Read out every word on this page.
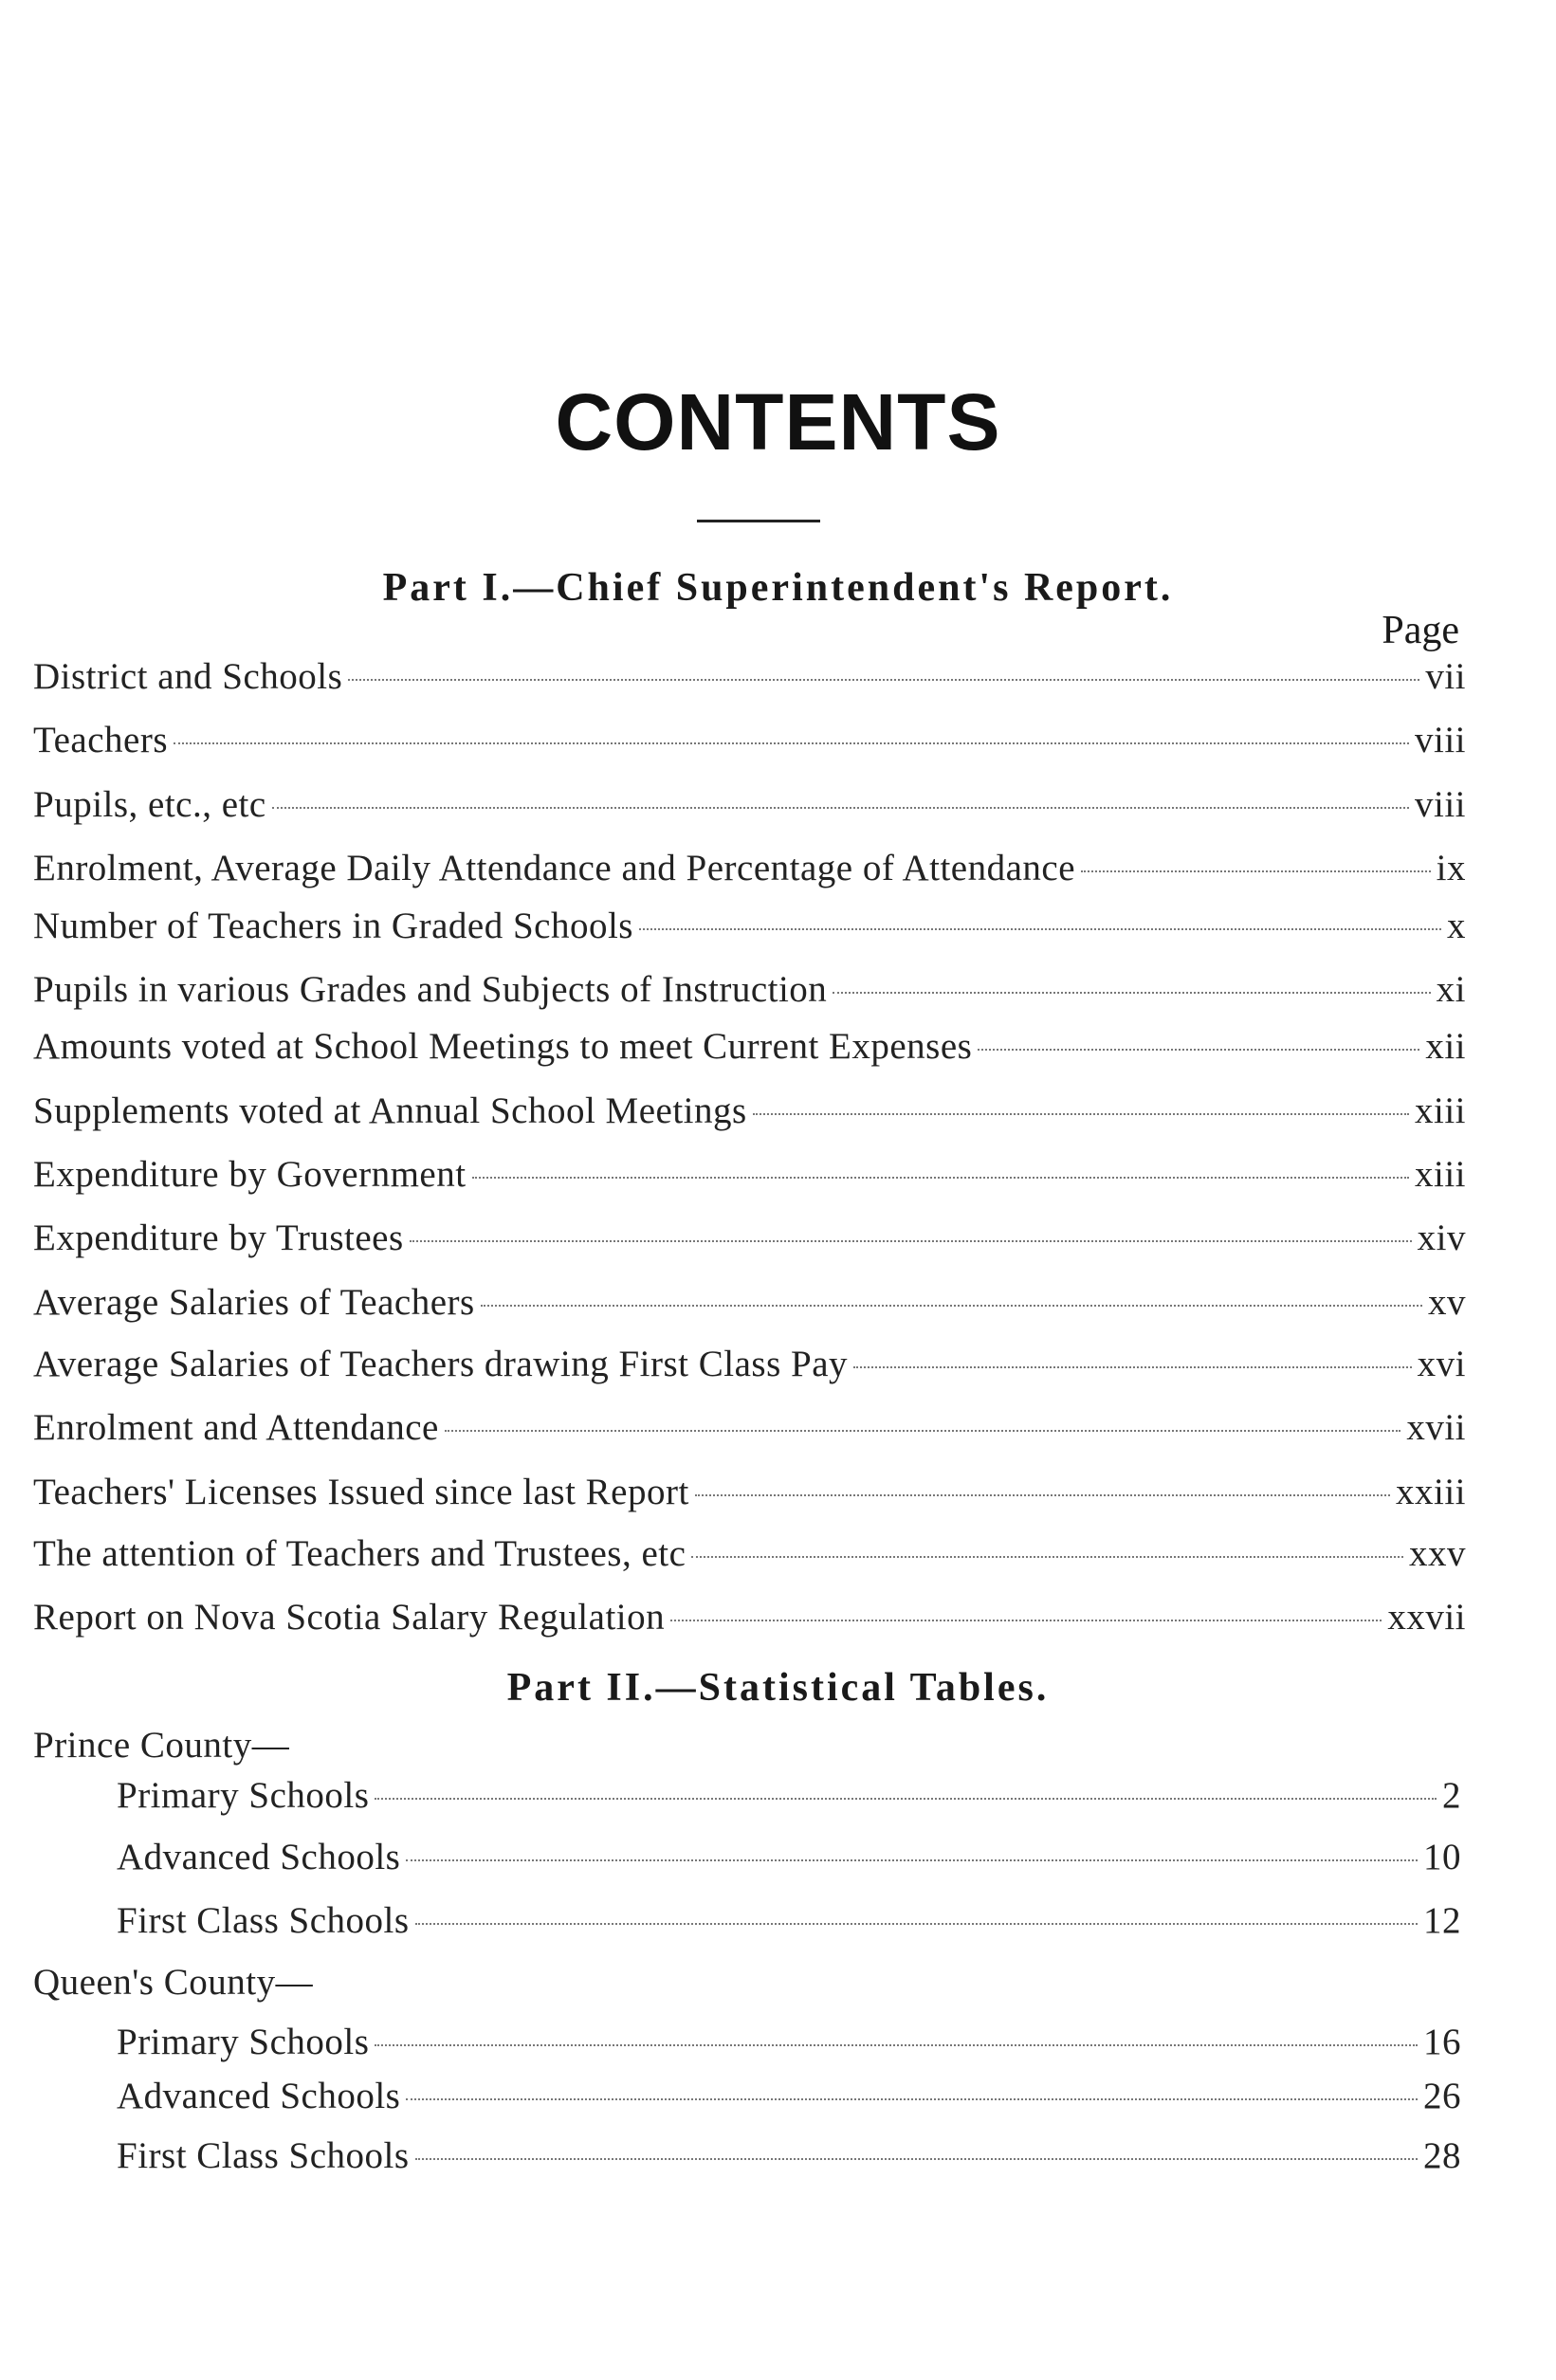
CONTENTS
Part I.—Chief Superintendent's Report.
Page
District and Schools	vii
Teachers	viii
Pupils, etc., etc	viii
Enrolment, Average Daily Attendance and Percentage of Attendance	ix
Number of Teachers in Graded Schools	x
Pupils in various Grades and Subjects of Instruction	xi
Amounts voted at School Meetings to meet Current Expenses	xii
Supplements voted at Annual School Meetings	xiii
Expenditure by Government	xiii
Expenditure by Trustees	xiv
Average Salaries of Teachers	xv
Average Salaries of Teachers drawing First Class Pay	xvi
Enrolment and Attendance	xvii
Teachers' Licenses Issued since last Report	xxiii
The attention of Teachers and Trustees, etc	xxv
Report on Nova Scotia Salary Regulation	xxvii
Part II.—Statistical Tables.
Prince County—
Primary Schools	2
Advanced Schools	10
First Class Schools	12
Queen's County—
Primary Schools	16
Advanced Schools	26
First Class Schools	28
